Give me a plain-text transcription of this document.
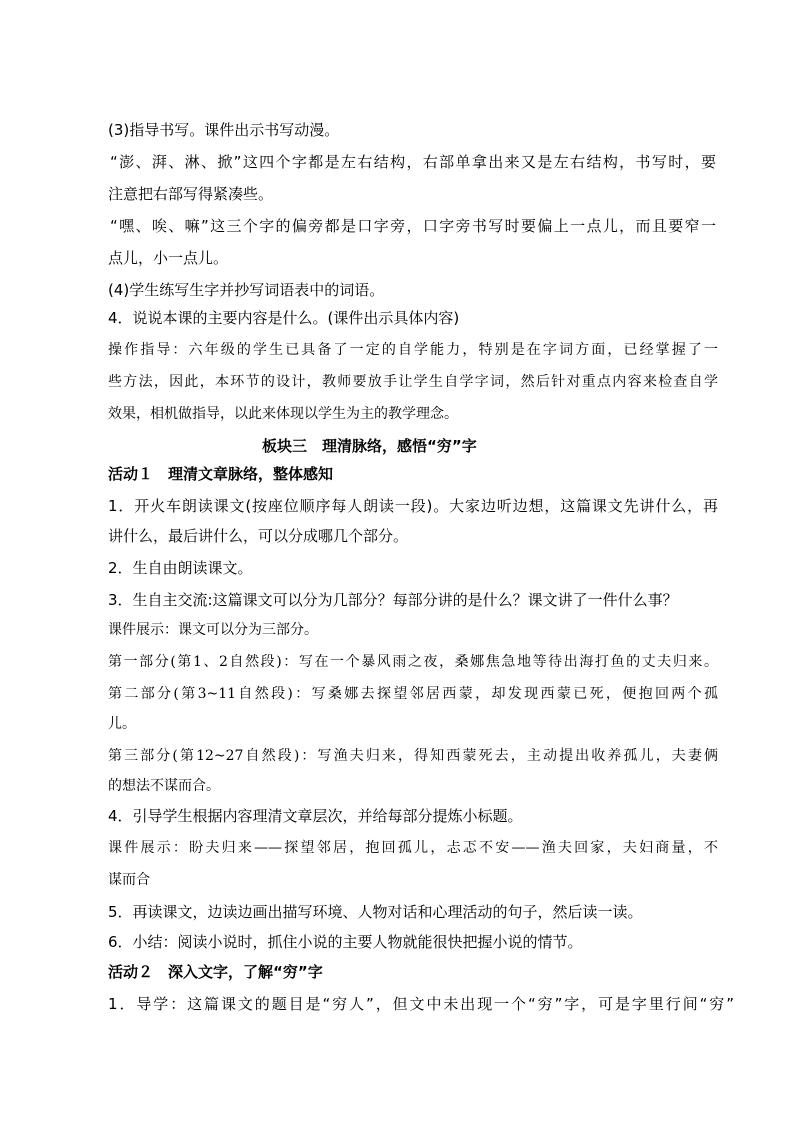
(3)指导书写。课件出示书写动漫。
“澎、湃、淋、掀”这四个字都是左右结构，右部单拿出来又是左右结构，书写时，要
注意把右部写得紧凑些。
“嘿、唉、嘛”这三个字的偏旁都是口字旁，口字旁书写时要偏上一点儿，而且要窄一
点儿，小一点儿。
(4)学生练写生字并抄写词语表中的词语。
4．说说本课的主要内容是什么。(课件出示具体内容)
操作指导：六年级的学生已具备了一定的自学能力，特别是在字词方面，已经掌握了一
些方法，因此，本环节的设计，教师要放手让学生自学字词，然后针对重点内容来检查自学
效果，相机做指导，以此来体现以学生为主的教学理念。
板块三　理清脉络，感悟“穷”字
活动１　理清文章脉络，整体感知
1．开火车朗读课文(按座位顺序每人朗读一段)。大家边听边想，这篇课文先讲什么，再
讲什么，最后讲什么，可以分成哪几个部分。
2．生自由朗读课文。
3．生自主交流:这篇课文可以分为几部分？每部分讲的是什么？课文讲了一件什么事？
课件展示：课文可以分为三部分。
第一部分(第1、2自然段)：写在一个暴风雨之夜，桑娜焦急地等待出海打鱼的丈夫归来。
第二部分(第3~11自然段)：写桑娜去探望邻居西蒙，却发现西蒙已死，便抱回两个孤
儿。
第三部分(第12~27自然段)：写渔夫归来，得知西蒙死去，主动提出收养孤儿，夫妻俩
的想法不谋而合。
4．引导学生根据内容理清文章层次，并给每部分提炼小标题。
课件展示：盼夫归来——探望邻居，抱回孤儿，忐忑不安——渔夫回家，夫妇商量，不
谋而合
5．再读课文，边读边画出描写环境、人物对话和心理活动的句子，然后读一读。
6．小结：阅读小说时，抓住小说的主要人物就能很快把握小说的情节。
活动２　深入文字，了解“穷”字
1．导学：这篇课文的题目是“穷人”，但文中未出现一个“穷”字，可是字里行间“穷”
